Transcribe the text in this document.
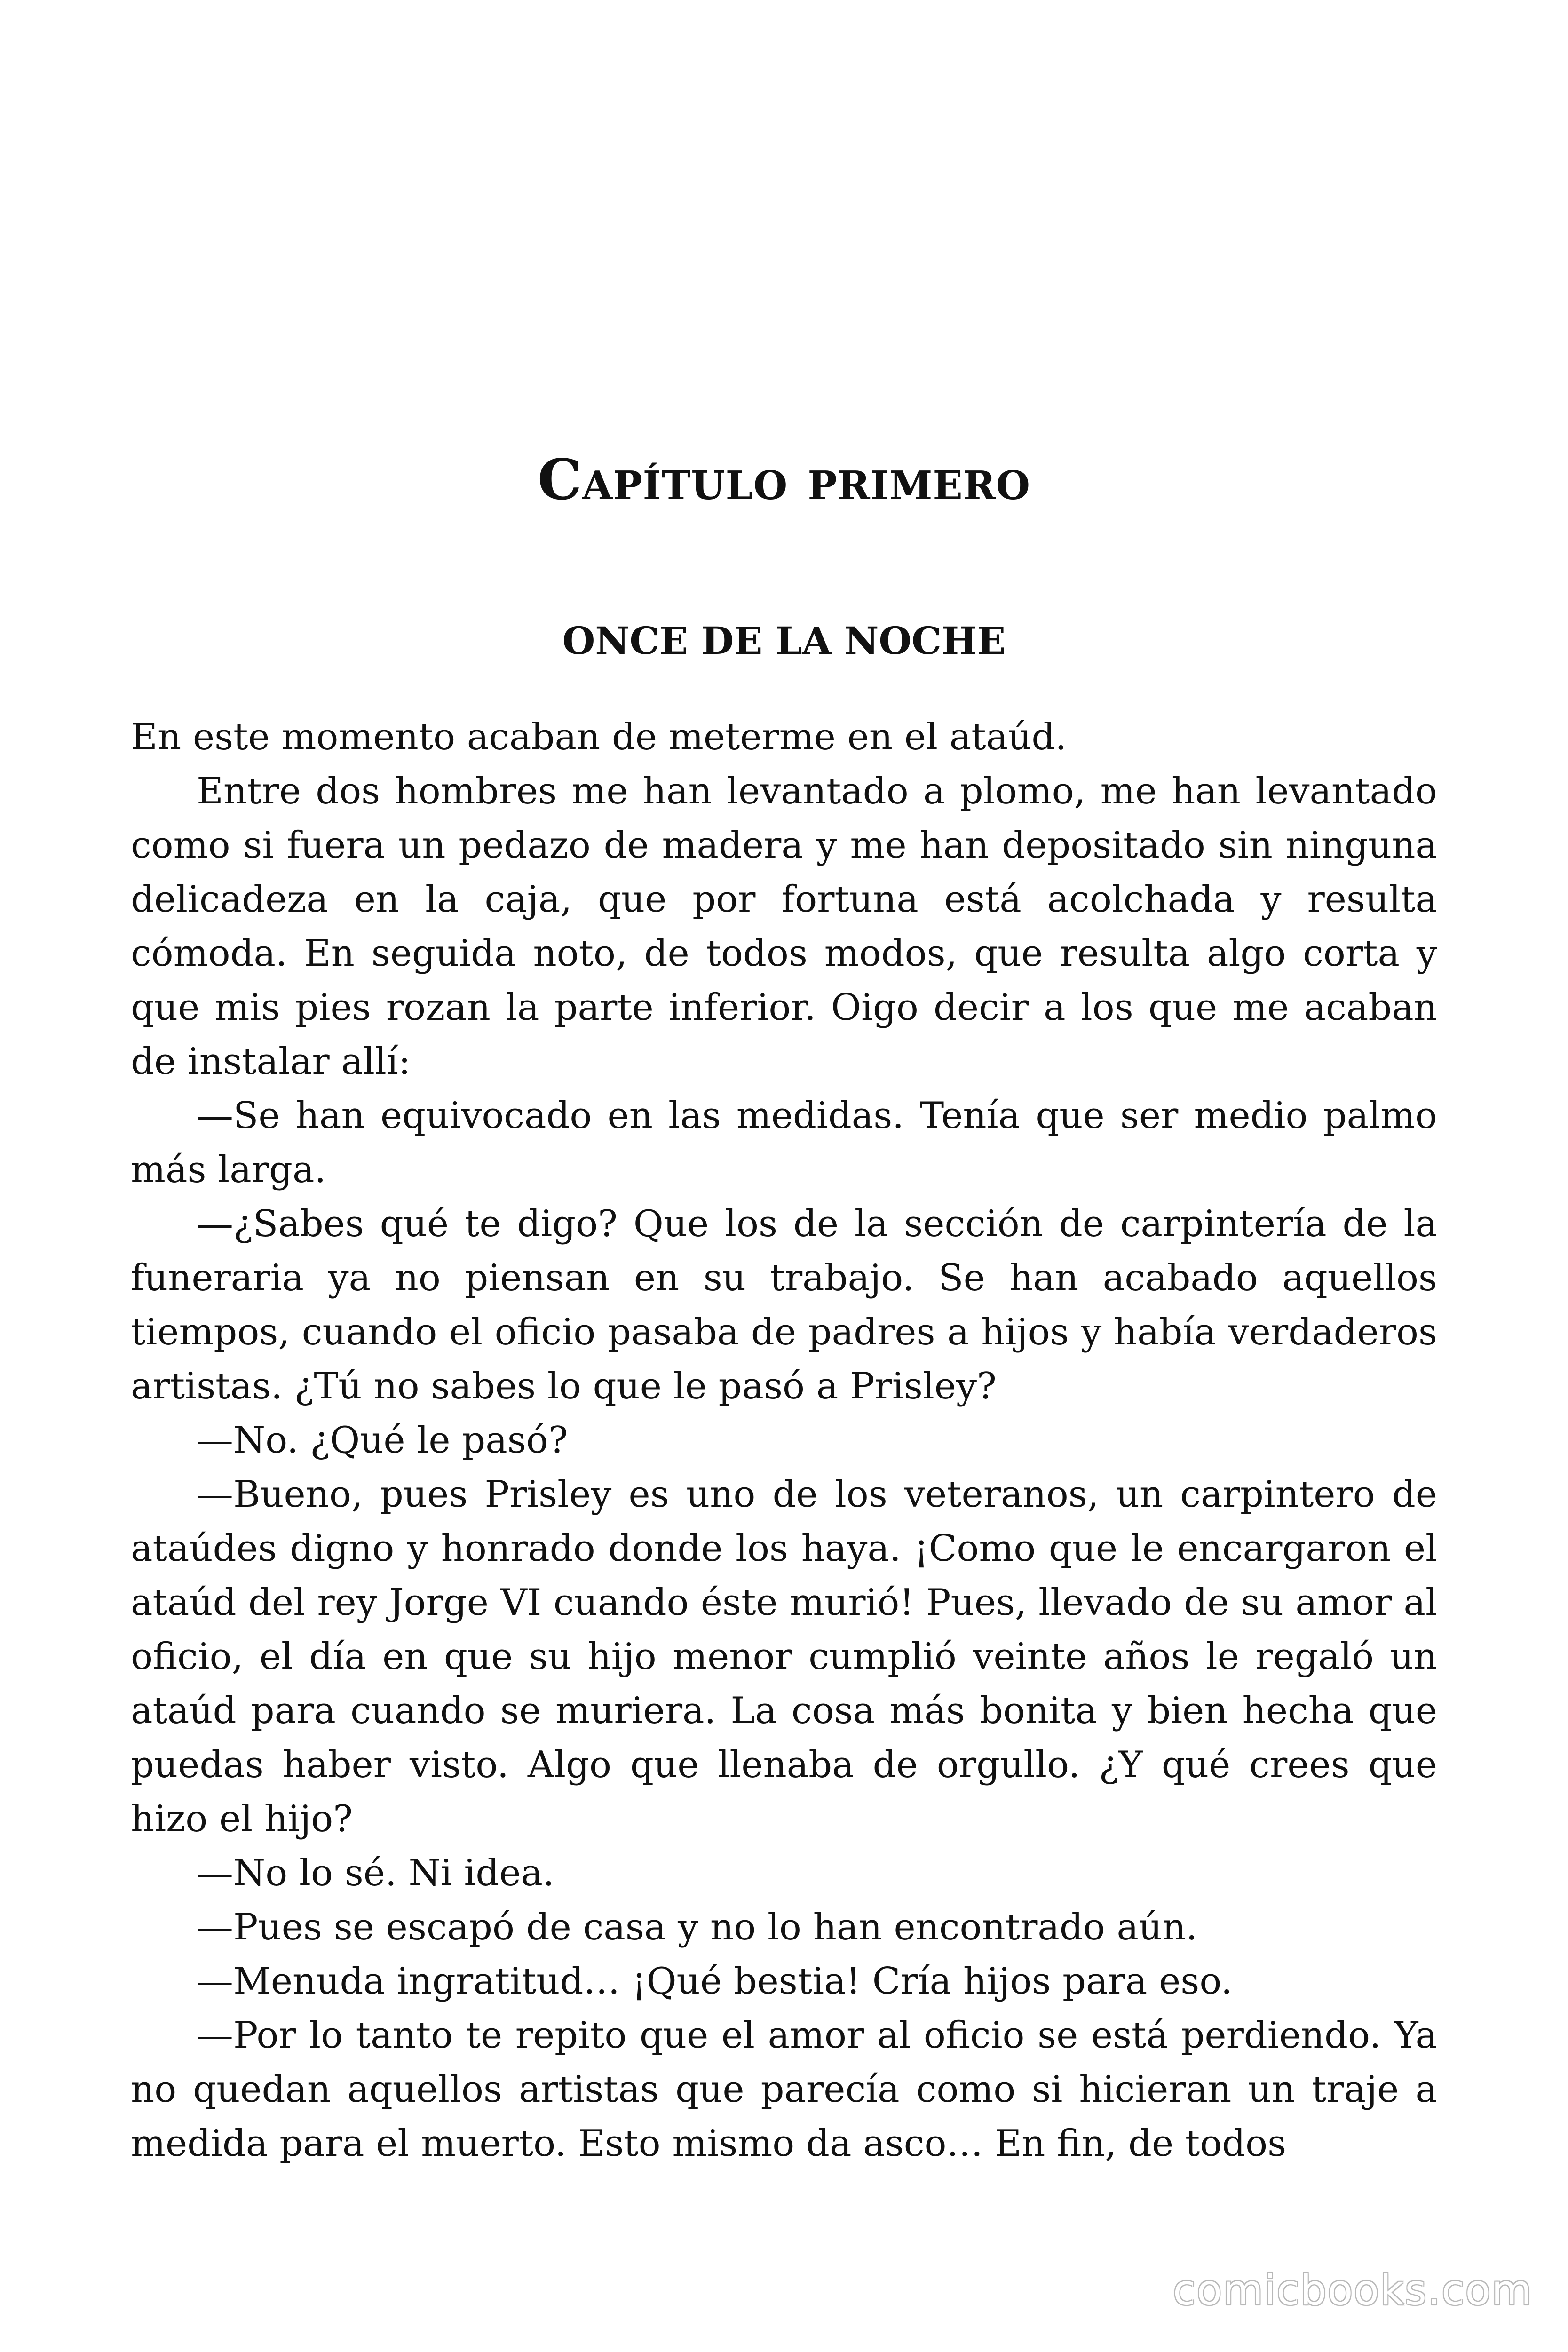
Capítulo primero
ONCE DE LA NOCHE

En este momento acaban de meterme en el ataúd.

Entre dos hombres me han levantado a plomo, me han levantado como si fuera un pedazo de madera y me han depositado sin ninguna delicadeza en la caja, que por fortuna está acolchada y resulta cómoda. En seguida noto, de todos modos, que resulta algo corta y que mis pies rozan la parte inferior. Oigo decir a los que me acaban de instalar allí:

—Se han equivocado en las medidas. Tenía que ser medio palmo más larga.

—¿Sabes qué te digo? Que los de la sección de carpintería de la funeraria ya no piensan en su trabajo. Se han acabado aquellos tiempos, cuando el oficio pasaba de padres a hijos y había verdaderos artistas. ¿Tú no sabes lo que le pasó a Prisley?

—No. ¿Qué le pasó?

—Bueno, pues Prisley es uno de los veteranos, un carpintero de ataúdes digno y honrado donde los haya. ¡Como que le encargaron el ataúd del rey Jorge VI cuando éste murió! Pues, llevado de su amor al oficio, el día en que su hijo menor cumplió veinte años le regaló un ataúd para cuando se muriera. La cosa más bonita y bien hecha que puedas haber visto. Algo que llenaba de orgullo. ¿Y qué crees que hizo el hijo?

—No lo sé. Ni idea.

—Pues se escapó de casa y no lo han encontrado aún.

—Menuda ingratitud… ¡Qué bestia! Cría hijos para eso.

—Por lo tanto te repito que el amor al oficio se está perdiendo. Ya no quedan aquellos artistas que parecía como si hicieran un traje a medida para el muerto. Esto mismo da asco… En fin, de todos

comicbooks.com
